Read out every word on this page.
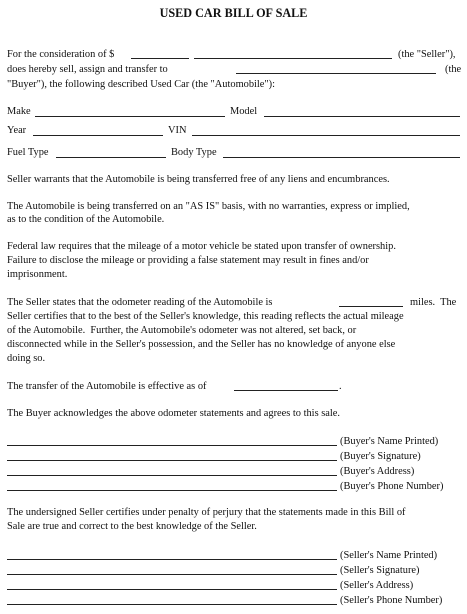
USED CAR BILL OF SALE
For the consideration of $	(the "Seller"),
does hereby sell, assign and transfer to	(the
"Buyer"), the following described Used Car (the "Automobile"):
Make	Model
Year	VIN
Fuel Type	Body Type
Seller warrants that the Automobile is being transferred free of any liens and encumbrances.
The Automobile is being transferred on an "AS IS" basis, with no warranties, express or implied,
as to the condition of the Automobile.
Federal law requires that the mileage of a motor vehicle be stated upon transfer of ownership.
Failure to disclose the mileage or providing a false statement may result in fines and/or
imprisonment.
The Seller states that the odometer reading of the Automobile is	miles.  The
Seller certifies that to the best of the Seller's knowledge, this reading reflects the actual mileage
of the Automobile.  Further, the Automobile's odometer was not altered, set back, or
disconnected while in the Seller's possession, and the Seller has no knowledge of anyone else
doing so.
The transfer of the Automobile is effective as of	.
The Buyer acknowledges the above odometer statements and agrees to this sale.
(Buyer's Name Printed)
(Buyer's Signature)
(Buyer's Address)
(Buyer's Phone Number)
The undersigned Seller certifies under penalty of perjury that the statements made in this Bill of
Sale are true and correct to the best knowledge of the Seller.
(Seller's Name Printed)
(Seller's Signature)
(Seller's Address)
(Seller's Phone Number)
